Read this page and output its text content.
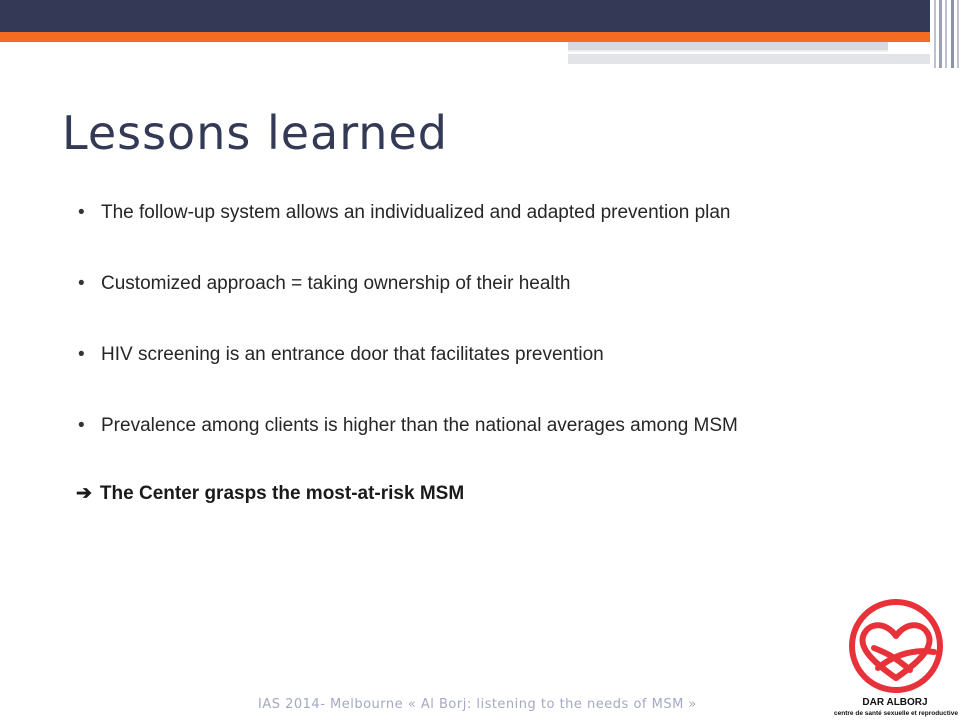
Lessons learned
• The follow-up system allows an individualized and adapted prevention plan
• Customized approach = taking ownership of their health
• HIV screening is an entrance door that facilitates prevention
• Prevalence among clients is higher than the national averages among MSM
➔ The Center grasps the most-at-risk MSM
IAS 2014- Melbourne « Al Borj: listening to the needs of MSM »	DAR ALBORJ
centre de santé sexuelle et reproductive
